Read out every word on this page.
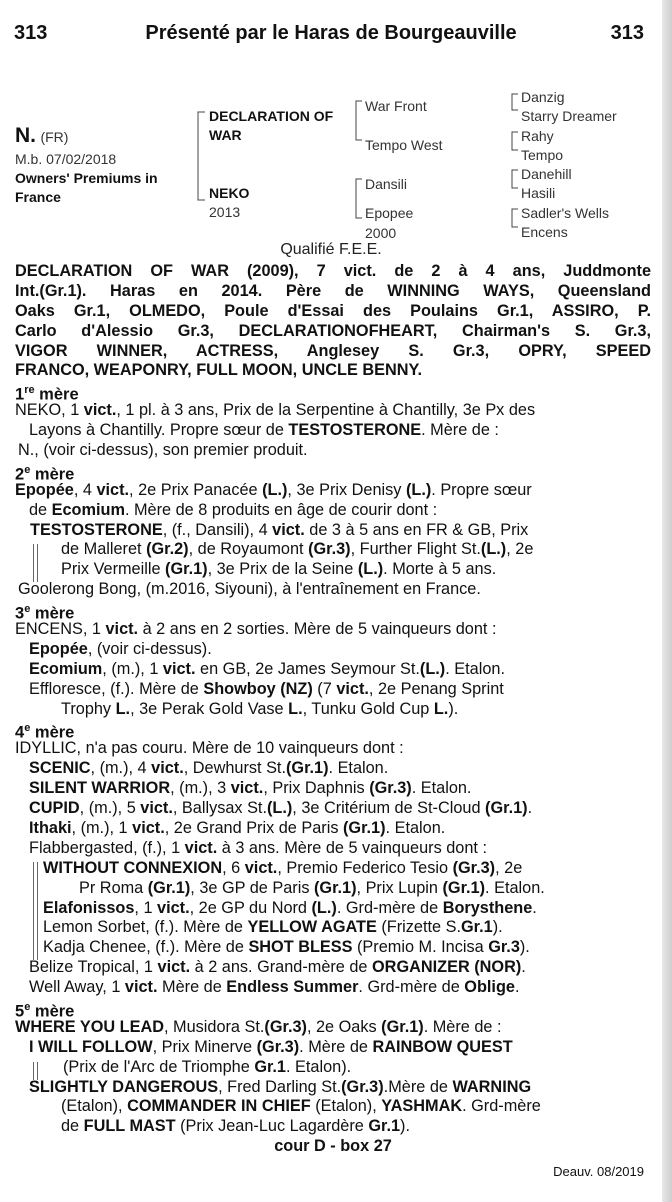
313	Présenté par le Haras de Bourgeauville	313
N. (FR)
M.b. 07/02/2018
Owners' Premiums in
France
DECLARATION OF
WAR
NEKO
2013
War Front
Tempo West
Dansili
Epopee
2000
Danzig
Starry Dreamer
Rahy
Tempo
Danehill
Hasili
Sadler's Wells
Encens
Qualifié F.E.E.
DECLARATION OF WAR (2009), 7 vict. de 2 à 4 ans, Juddmonte
Int.(Gr.1). Haras en 2014. Père de WINNING WAYS, Queensland
Oaks Gr.1, OLMEDO, Poule d'Essai des Poulains Gr.1, ASSIRO, P.
Carlo d'Alessio Gr.3, DECLARATIONOFHEART, Chairman's S. Gr.3,
VIGOR WINNER, ACTRESS, Anglesey S. Gr.3, OPRY, SPEED
FRANCO, WEAPONRY, FULL MOON, UNCLE BENNY.
1re mère
NEKO, 1 vict., 1 pl. à 3 ans, Prix de la Serpentine à Chantilly, 3e Px des
Layons à Chantilly. Propre sœur de TESTOSTERONE. Mère de :
N., (voir ci-dessus), son premier produit.
2e mère
Epopée, 4 vict., 2e Prix Panacée (L.), 3e Prix Denisy (L.). Propre sœur
de Ecomium. Mère de 8 produits en âge de courir dont :
TESTOSTERONE, (f., Dansili), 4 vict. de 3 à 5 ans en FR & GB, Prix
de Malleret (Gr.2), de Royaumont (Gr.3), Further Flight St.(L.), 2e
Prix Vermeille (Gr.1), 3e Prix de la Seine (L.). Morte à 5 ans.
Goolerong Bong, (m.2016, Siyouni), à l'entraînement en France.
3e mère
ENCENS, 1 vict. à 2 ans en 2 sorties. Mère de 5 vainqueurs dont :
Epopée, (voir ci-dessus).
Ecomium, (m.), 1 vict. en GB, 2e James Seymour St.(L.). Etalon.
Effloresce, (f.). Mère de Showboy (NZ) (7 vict., 2e Penang Sprint
Trophy L., 3e Perak Gold Vase L., Tunku Gold Cup L.).
4e mère
IDYLLIC, n'a pas couru. Mère de 10 vainqueurs dont :
SCENIC, (m.), 4 vict., Dewhurst St.(Gr.1). Etalon.
SILENT WARRIOR, (m.), 3 vict., Prix Daphnis (Gr.3). Etalon.
CUPID, (m.), 5 vict., Ballysax St.(L.), 3e Critérium de St-Cloud (Gr.1).
Ithaki, (m.), 1 vict., 2e Grand Prix de Paris (Gr.1). Etalon.
Flabbergasted, (f.), 1 vict. à 3 ans. Mère de 5 vainqueurs dont :
WITHOUT CONNEXION, 6 vict., Premio Federico Tesio (Gr.3), 2e
Pr Roma (Gr.1), 3e GP de Paris (Gr.1), Prix Lupin (Gr.1). Etalon.
Elafonissos, 1 vict., 2e GP du Nord (L.). Grd-mère de Borysthene.
Lemon Sorbet, (f.). Mère de YELLOW AGATE (Frizette S.Gr.1).
Kadja Chenee, (f.). Mère de SHOT BLESS (Premio M. Incisa Gr.3).
Belize Tropical, 1 vict. à 2 ans. Grand-mère de ORGANIZER (NOR).
Well Away, 1 vict. Mère de Endless Summer. Grd-mère de Oblige.
5e mère
WHERE YOU LEAD, Musidora St.(Gr.3), 2e Oaks (Gr.1). Mère de :
I WILL FOLLOW, Prix Minerve (Gr.3). Mère de RAINBOW QUEST
(Prix de l'Arc de Triomphe Gr.1. Etalon).
SLIGHTLY DANGEROUS, Fred Darling St.(Gr.3).Mère de WARNING
(Etalon), COMMANDER IN CHIEF (Etalon), YASHMAK. Grd-mère
de FULL MAST (Prix Jean-Luc Lagardère Gr.1).
cour D - box 27
Deauv. 08/2019
